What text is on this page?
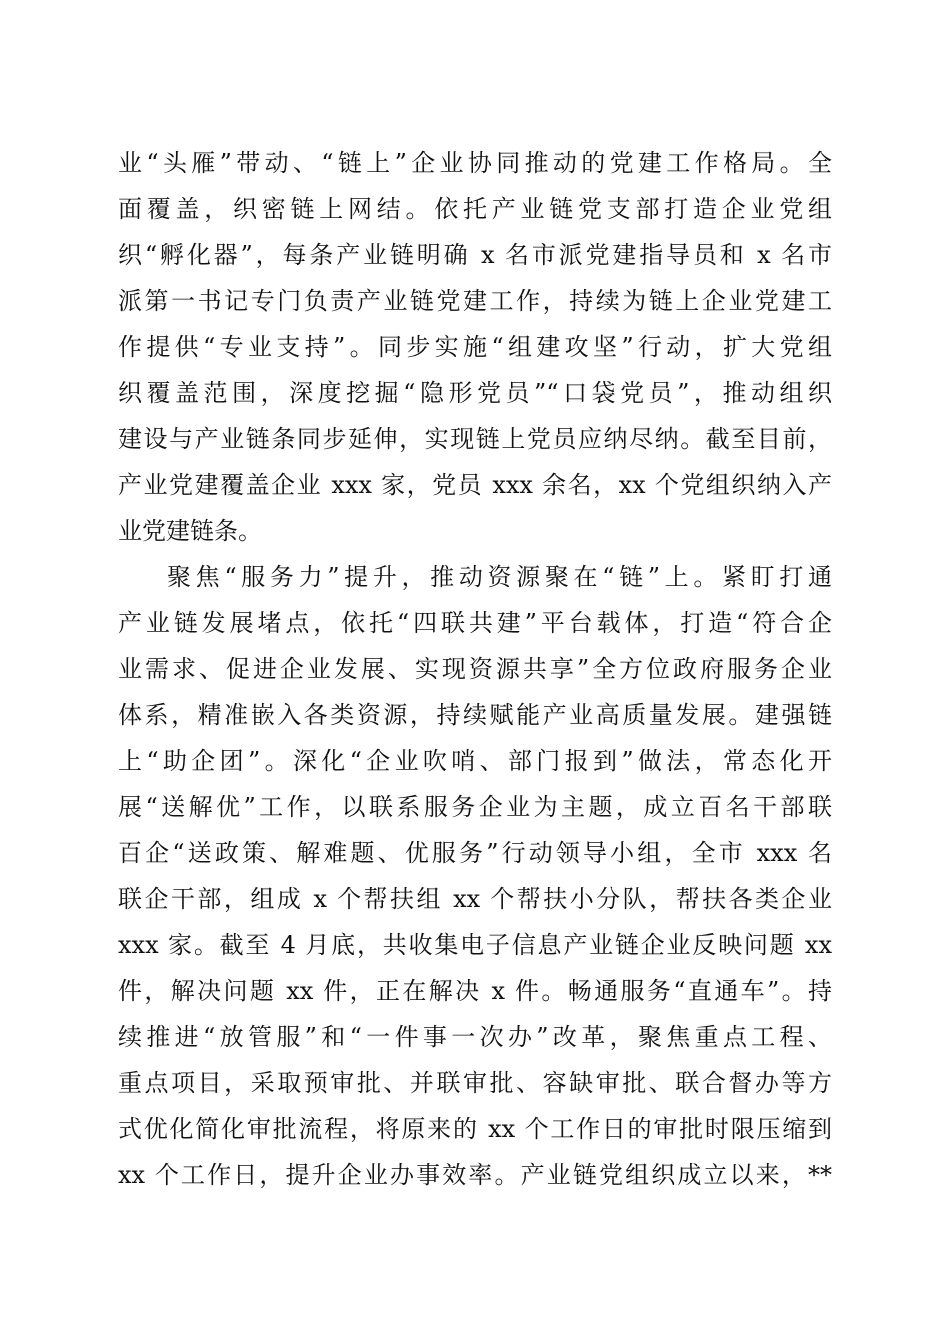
业“头雁”带动、“链上”企业协同推动的党建工作格局。全
面覆盖，织密链上网结。依托产业链党支部打造企业党组
织“孵化器”，每条产业链明确 x 名市派党建指导员和 x 名市
派第一书记专门负责产业链党建工作，持续为链上企业党建工
作提供“专业支持”。同步实施“组建攻坚”行动，扩大党组
织覆盖范围，深度挖掘“隐形党员”“口袋党员”，推动组织
建设与产业链条同步延伸，实现链上党员应纳尽纳。截至目前，
产业党建覆盖企业 xxx 家，党员 xxx 余名，xx 个党组织纳入产
业党建链条。
聚焦“服务力”提升，推动资源聚在“链”上。紧盯打通
产业链发展堵点，依托“四联共建”平台载体，打造“符合企
业需求、促进企业发展、实现资源共享”全方位政府服务企业
体系，精准嵌入各类资源，持续赋能产业高质量发展。建强链
上“助企团”。深化“企业吹哨、部门报到”做法，常态化开
展“送解优”工作，以联系服务企业为主题，成立百名干部联
百企“送政策、解难题、优服务”行动领导小组，全市 xxx 名
联企干部，组成 x 个帮扶组 xx 个帮扶小分队，帮扶各类企业
xxx 家。截至 4 月底，共收集电子信息产业链企业反映问题 xx
件，解决问题 xx 件，正在解决 x 件。畅通服务“直通车”。持
续推进“放管服”和“一件事一次办”改革，聚焦重点工程、
重点项目，采取预审批、并联审批、容缺审批、联合督办等方
式优化简化审批流程，将原来的 xx 个工作日的审批时限压缩到
xx 个工作日，提升企业办事效率。产业链党组织成立以来，**
